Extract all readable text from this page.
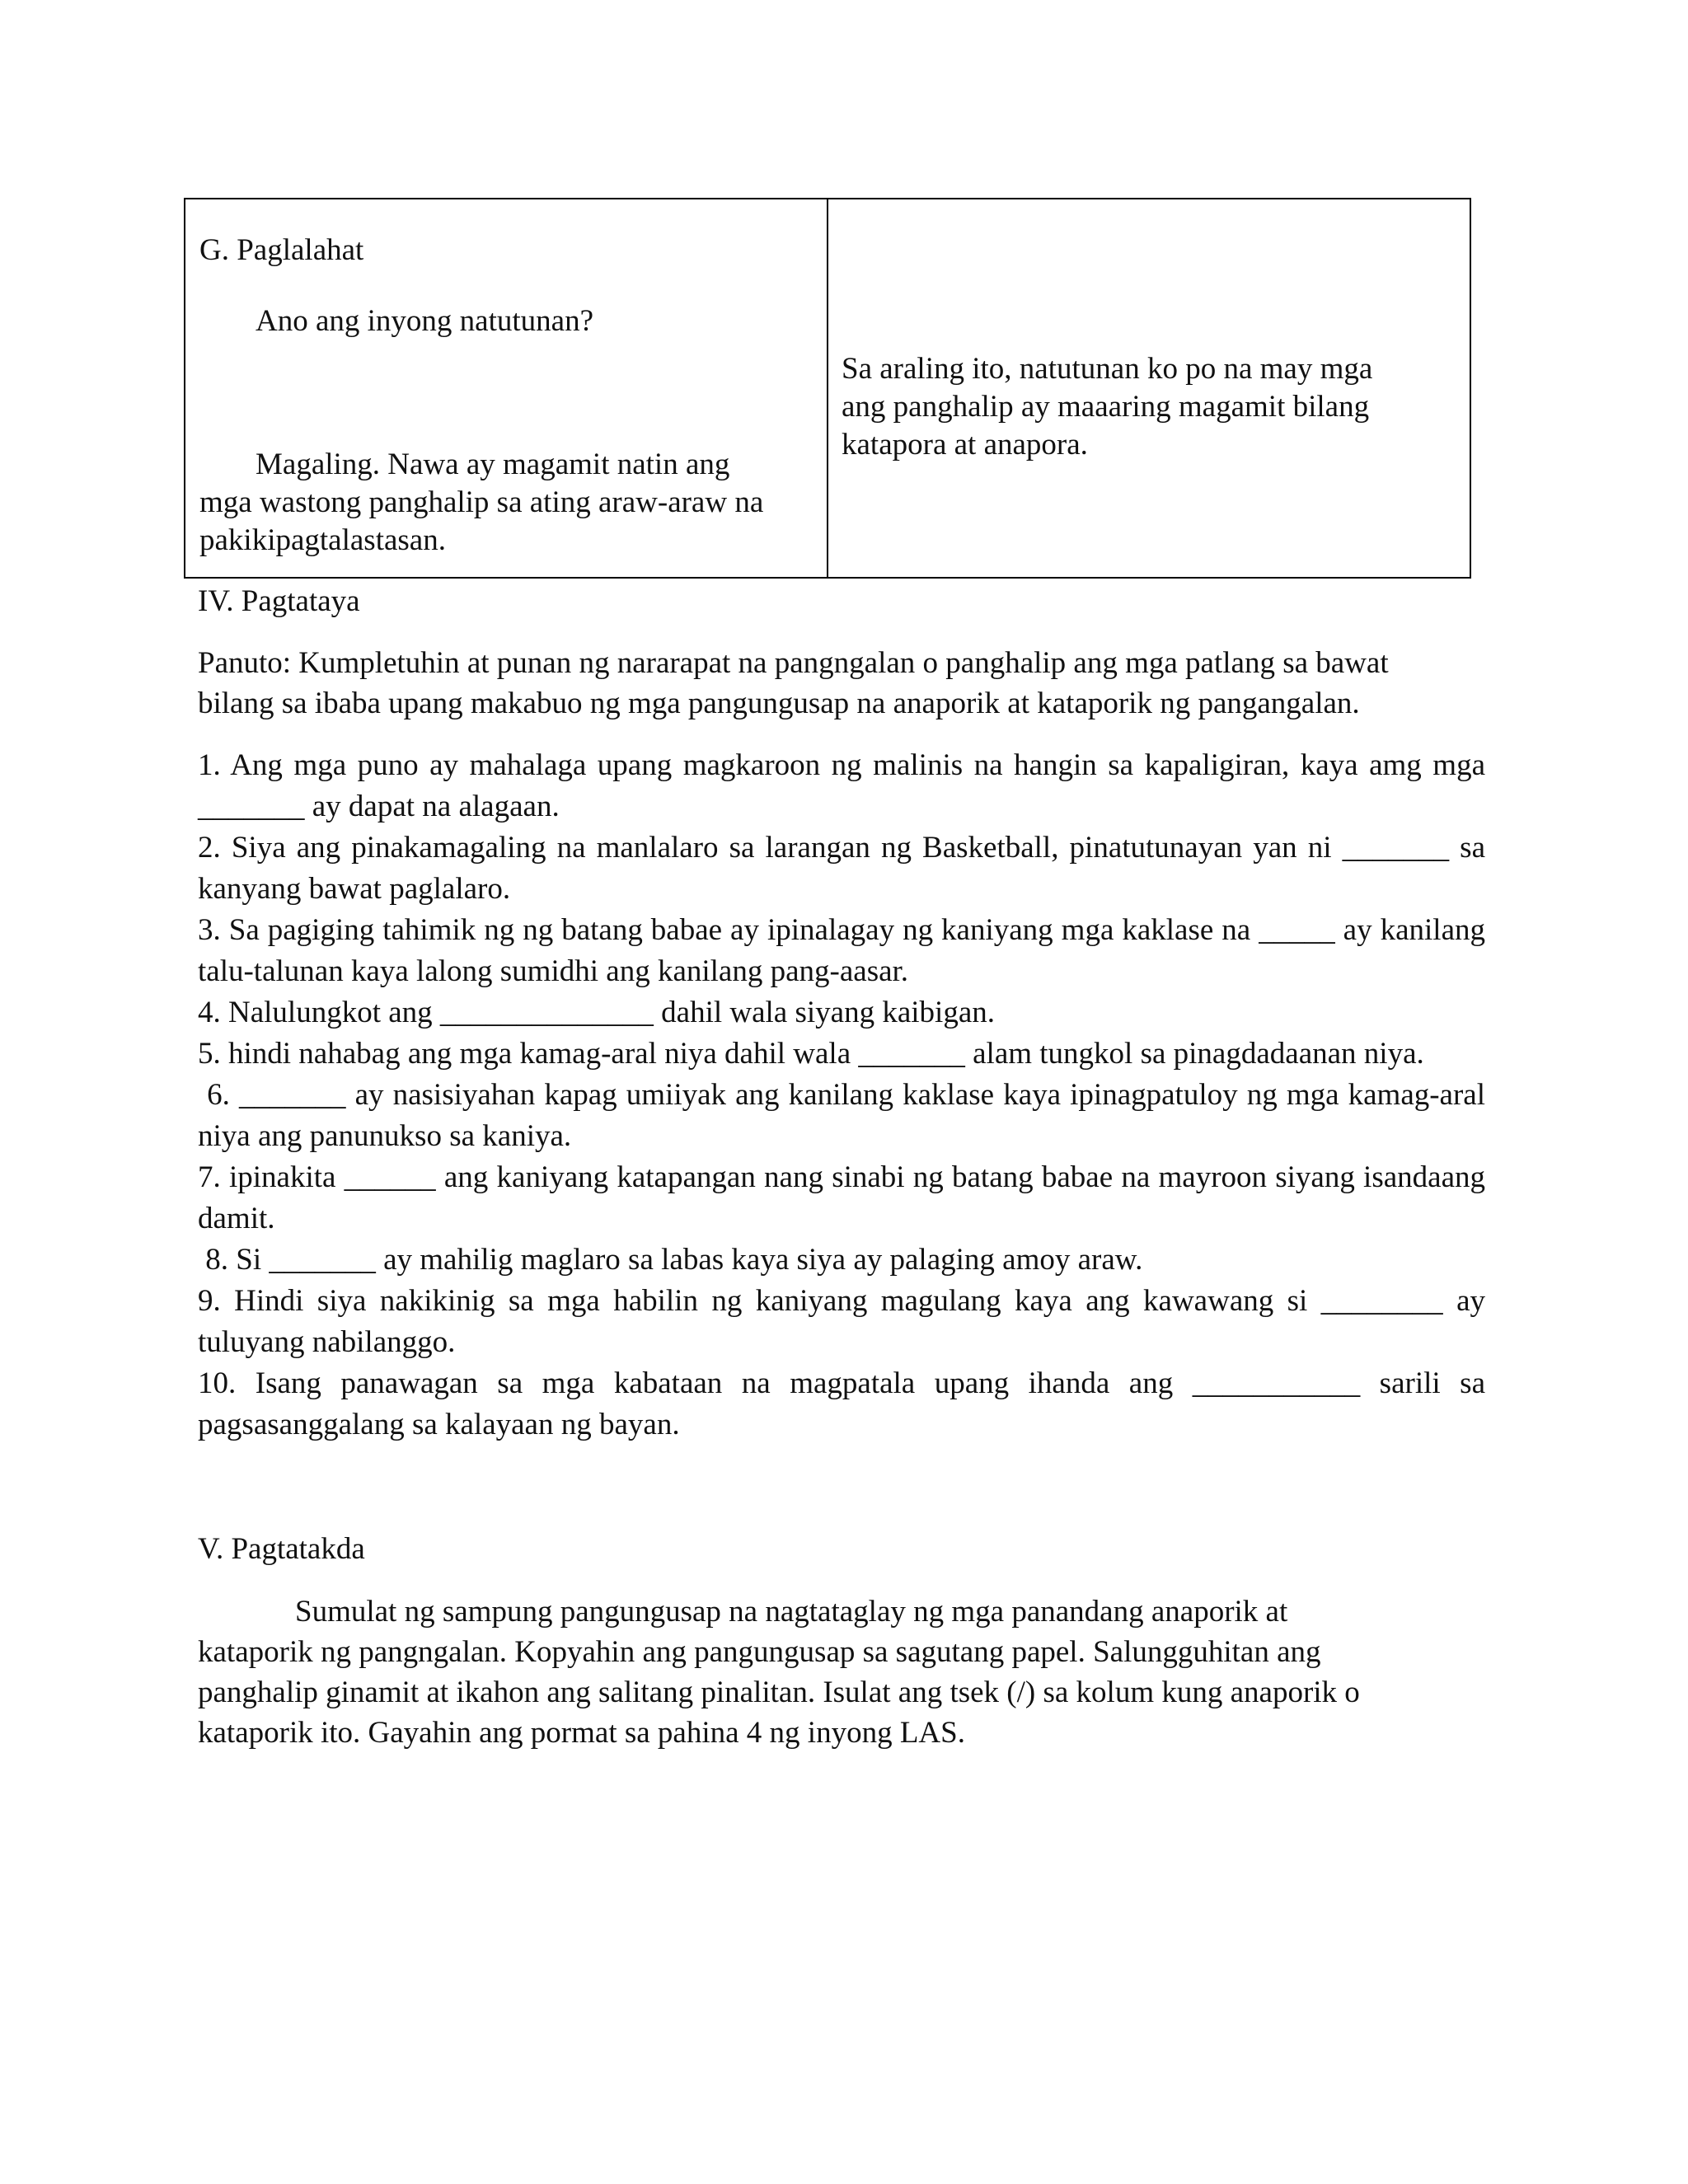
G. Paglalahat
Ano ang inyong natutunan?
Magaling. Nawa ay magamit natin ang
mga wastong panghalip sa ating araw-araw na
pakikipagtalastasan.
Sa araling ito, natutunan ko po na may mga
ang panghalip ay maaaring magamit bilang
katapora at anapora.
IV. Pagtataya
Panuto: Kumpletuhin at punan ng nararapat na pangngalan o panghalip ang mga patlang sa bawat
bilang sa ibaba upang makabuo ng mga pangungusap na anaporik at kataporik ng pangangalan.
1. Ang mga puno ay mahalaga upang magkaroon ng malinis na hangin sa kapaligiran, kaya amg mga _______ ay dapat na alagaan.
2. Siya ang pinakamagaling na manlalaro sa larangan ng Basketball, pinatutunayan yan ni _______ sa kanyang bawat paglalaro.
3. Sa pagiging tahimik ng ng batang babae ay ipinalagay ng kaniyang mga kaklase na _____ ay kanilang talu-talunan kaya lalong sumidhi ang kanilang pang-aasar.
4. Nalulungkot ang ______________ dahil wala siyang kaibigan.
5. hindi nahabag ang mga kamag-aral niya dahil wala _______ alam tungkol sa pinagdadaanan niya.
6. _______ ay nasisiyahan kapag umiiyak ang kanilang kaklase kaya ipinagpatuloy ng mga kamag-aral niya ang panunukso sa kaniya.
7. ipinakita ______ ang kaniyang katapangan nang sinabi ng batang babae na mayroon siyang isandaang damit.
8. Si _______ ay mahilig maglaro sa labas kaya siya ay palaging amoy araw.
9. Hindi siya nakikinig sa mga habilin ng kaniyang magulang kaya ang kawawang si ________ ay tuluyang nabilanggo.
10. Isang panawagan sa mga kabataan na magpatala upang ihanda ang ___________ sarili sa pagsasanggalang sa kalayaan ng bayan.
V. Pagtatakda
Sumulat ng sampung pangungusap na nagtataglay ng mga panandang anaporik at
kataporik ng pangngalan. Kopyahin ang pangungusap sa sagutang papel. Salungguhitan ang
panghalip ginamit at ikahon ang salitang pinalitan. Isulat ang tsek (/) sa kolum kung anaporik o
kataporik ito. Gayahin ang pormat sa pahina 4 ng inyong LAS.
